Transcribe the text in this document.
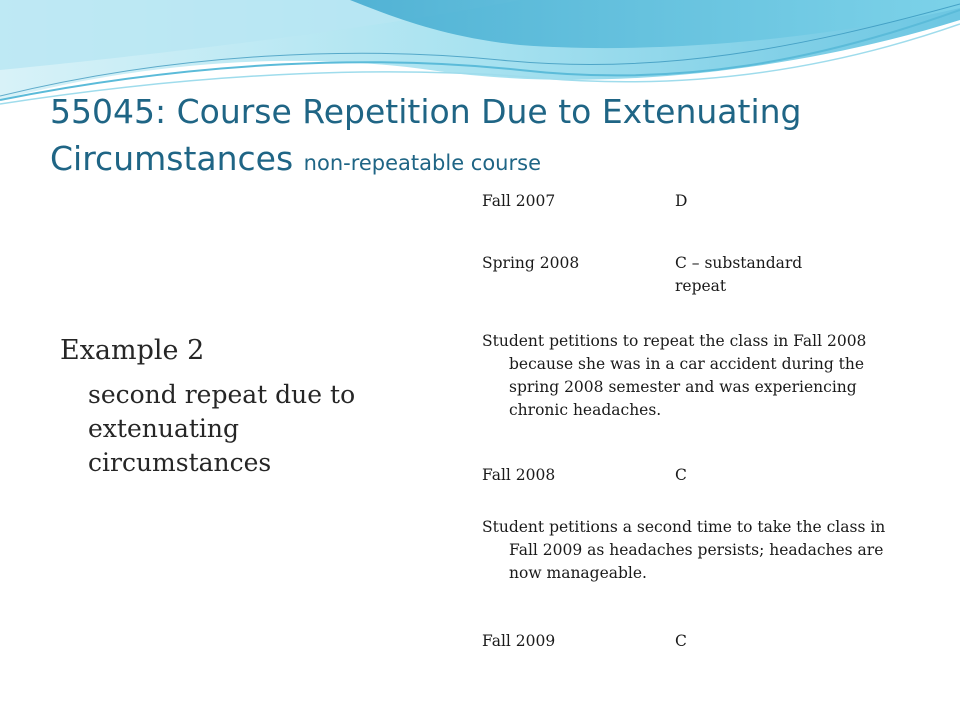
55045: Course Repetition Due to Extenuating Circumstances non-repeatable course

Example 2

second repeat due to extenuating circumstances

Fall 2007	D
Spring 2008	C – substandard repeat
Student petitions to repeat the class in Fall 2008 because she was in a car accident during the spring 2008 semester and was experiencing chronic headaches.
Fall 2008	C
Student petitions a second time to take the class in Fall 2009 as headaches persists; headaches are now manageable.
Fall 2009	C
